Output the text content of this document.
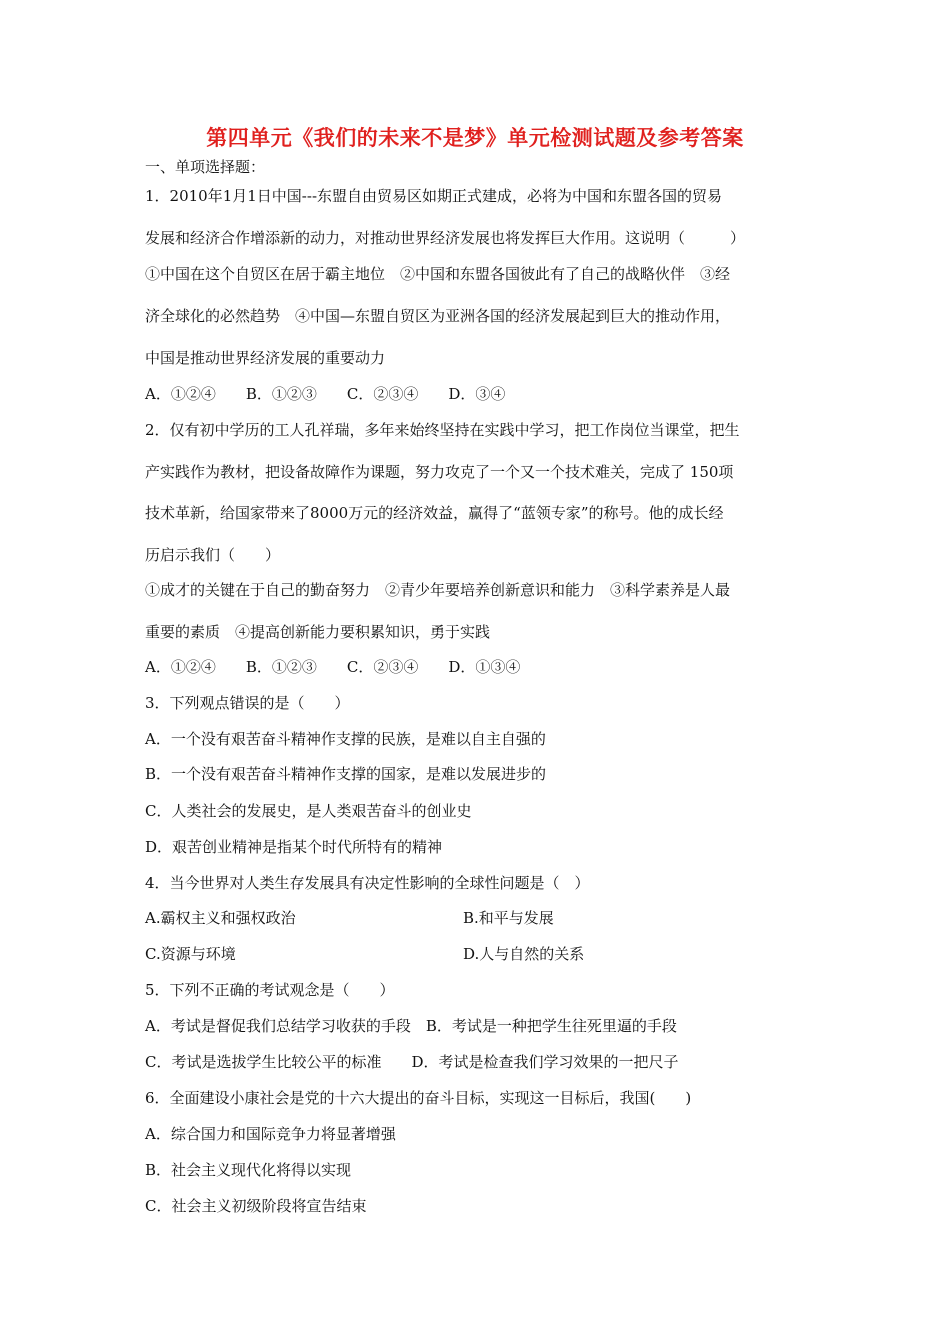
第四单元《我们的未来不是梦》单元检测试题及参考答案
一、单项选择题：
1．2010年1月1日中国---东盟自由贸易区如期正式建成，必将为中国和东盟各国的贸易
发展和经济合作增添新的动力，对推动世界经济发展也将发挥巨大作用。这说明（　　　）
①中国在这个自贸区在居于霸主地位　②中国和东盟各国彼此有了自己的战略伙伴　③经
济全球化的必然趋势　④中国—东盟自贸区为亚洲各国的经济发展起到巨大的推动作用，
中国是推动世界经济发展的重要动力
A．①②④　　B．①②③　　C．②③④　　D．③④
2．仅有初中学历的工人孔祥瑞，多年来始终坚持在实践中学习，把工作岗位当课堂，把生
产实践作为教材，把设备故障作为课题，努力攻克了一个又一个技术难关，完成了 150项
技术革新，给国家带来了8000万元的经济效益，赢得了“蓝领专家”的称号。他的成长经
历启示我们（　　）
①成才的关键在于自己的勤奋努力　②青少年要培养创新意识和能力　③科学素养是人最
重要的素质　④提高创新能力要积累知识，勇于实践
A．①②④　　B．①②③　　C．②③④　　D．①③④
3．下列观点错误的是（　　）
A．一个没有艰苦奋斗精神作支撑的民族，是难以自主自强的
B．一个没有艰苦奋斗精神作支撑的国家，是难以发展进步的
C．人类社会的发展史，是人类艰苦奋斗的创业史
D．艰苦创业精神是指某个时代所特有的精神
4．当今世界对人类生存发展具有决定性影响的全球性问题是（　）
A.霸权主义和强权政治	B.和平与发展
C.资源与环境	D.人与自然的关系
5．下列不正确的考试观念是（　　）
A．考试是督促我们总结学习收获的手段　B．考试是一种把学生往死里逼的手段
C．考试是选拔学生比较公平的标准　　D．考试是检查我们学习效果的一把尺子
6．全面建设小康社会是党的十六大提出的奋斗目标，实现这一目标后，我国(　　)
A．综合国力和国际竞争力将显著增强
B．社会主义现代化将得以实现
C．社会主义初级阶段将宣告结束
